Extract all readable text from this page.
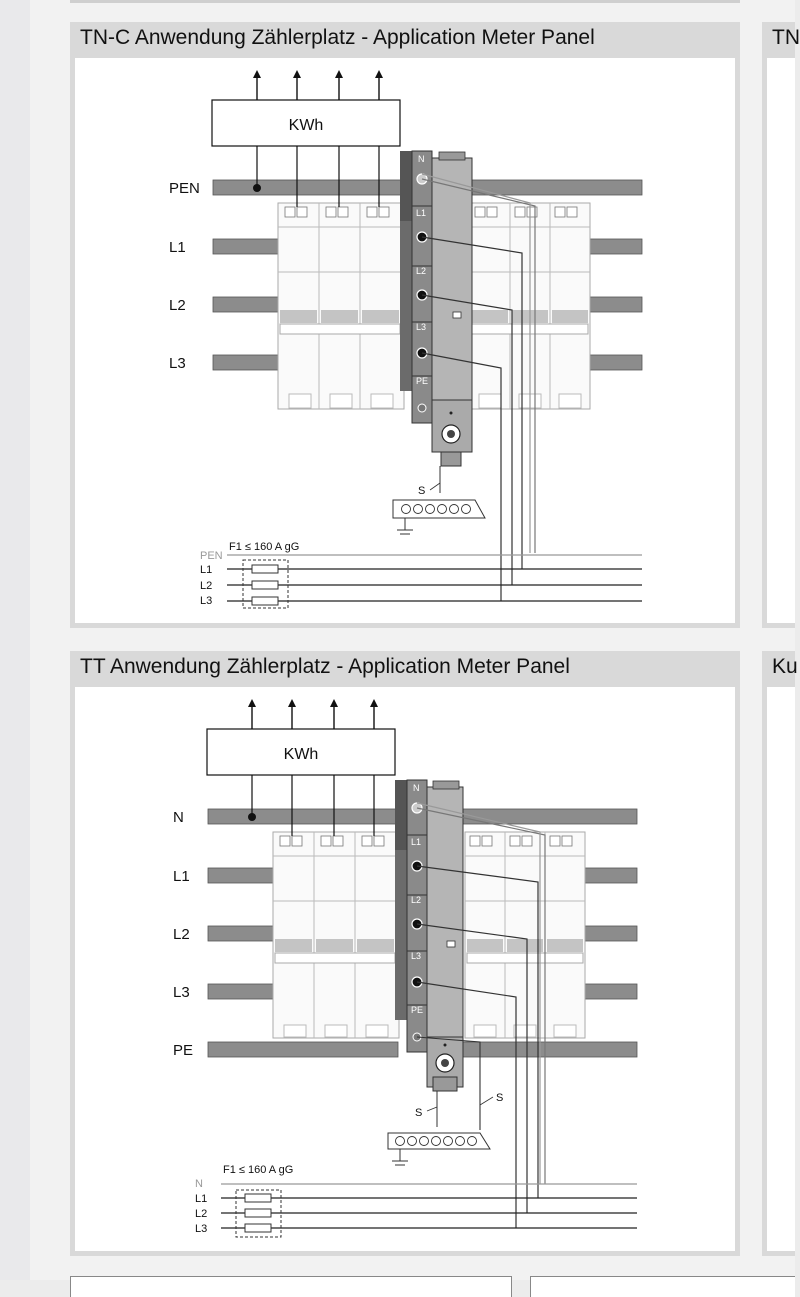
TN-C Anwendung Zählerplatz - Application Meter Panel
PEN
L1
L2
L3
KWh
N
L1
L2
L3
PE
S
F1 ≤ 160 A gG
PEN
L1
L2
L3
TN
TT Anwendung Zählerplatz - Application Meter Panel
N
L1
L2
L3
PE
KWh
N
L1
L2
L3
PE
S
S
F1 ≤ 160 A gG
N
L1
L2
L3
Ku
